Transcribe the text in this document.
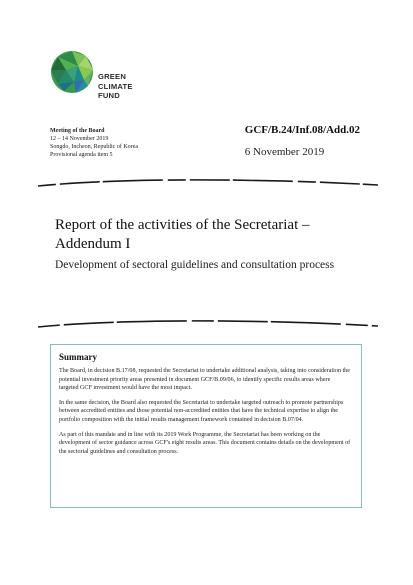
GREEN
CLIMATE
FUND
Meeting of the Board
12 – 14 November 2019
Songdo, Incheon, Republic of Korea
Provisional agenda item 5
GCF/B.24/Inf.08/Add.02
6 November 2019
Report of the activities of the Secretariat – Addendum I
Development of sectoral guidelines and consultation process
Summary

The Board, in decision B.17/08, requested the Secretariat to undertake additional analysis, taking into consideration the potential investment priority areas presented in document GCF/B.09/06, to identify specific results areas where targeted GCF investment would have the most impact.

In the same decision, the Board also requested the Secretariat to undertake targeted outreach to promote partnerships between accredited entities and those potential non-accredited entities that have the technical expertise to align the portfolio composition with the initial results management framework contained in decision B.07/04.

As part of this mandate and in line with its 2019 Work Programme, the Secretariat has been working on the development of sector guidance across GCF's eight results areas. This document contains details on the development of the sectorial guidelines and consultation process.
